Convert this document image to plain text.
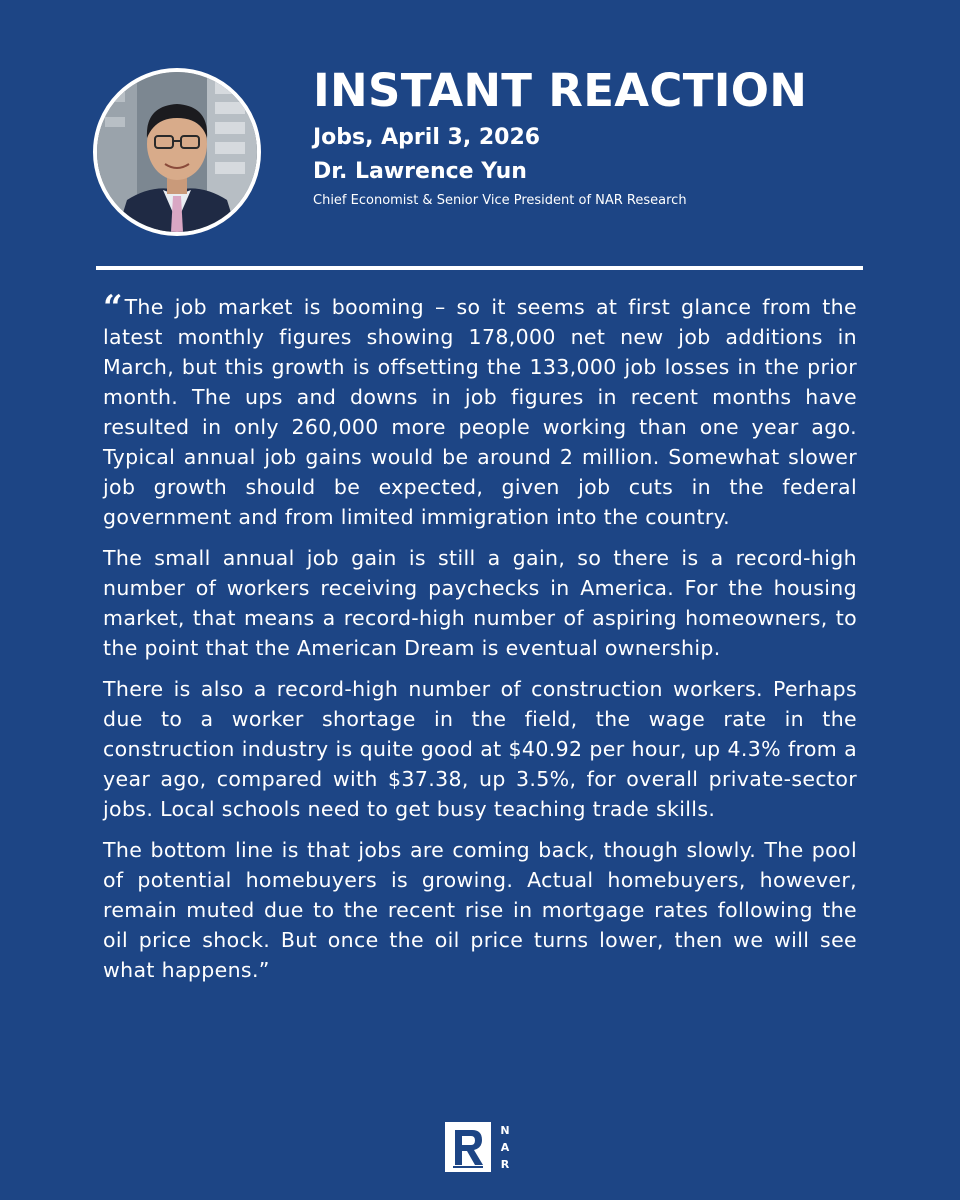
INSTANT REACTION
Jobs, April 3, 2026
Dr. Lawrence Yun
Chief Economist & Senior Vice President of NAR Research

“ The job market is booming – so it seems at first glance from the latest monthly figures showing 178,000 net new job additions in March, but this growth is offsetting the 133,000 job losses in the prior month. The ups and downs in job figures in recent months have resulted in only 260,000 more people working than one year ago. Typical annual job gains would be around 2 million. Somewhat slower job growth should be expected, given job cuts in the federal government and from limited immigration into the country.

The small annual job gain is still a gain, so there is a record-high number of workers receiving paychecks in America. For the housing market, that means a record-high number of aspiring homeowners, to the point that the American Dream is eventual ownership.

There is also a record-high number of construction workers. Perhaps due to a worker shortage in the field, the wage rate in the construction industry is quite good at $40.92 per hour, up 4.3% from a year ago, compared with $37.38, up 3.5%, for overall private-sector jobs. Local schools need to get busy teaching trade skills.

The bottom line is that jobs are coming back, though slowly. The pool of potential homebuyers is growing. Actual homebuyers, however, remain muted due to the recent rise in mortgage rates following the oil price shock. But once the oil price turns lower, then we will see what happens.”

N
A
R
